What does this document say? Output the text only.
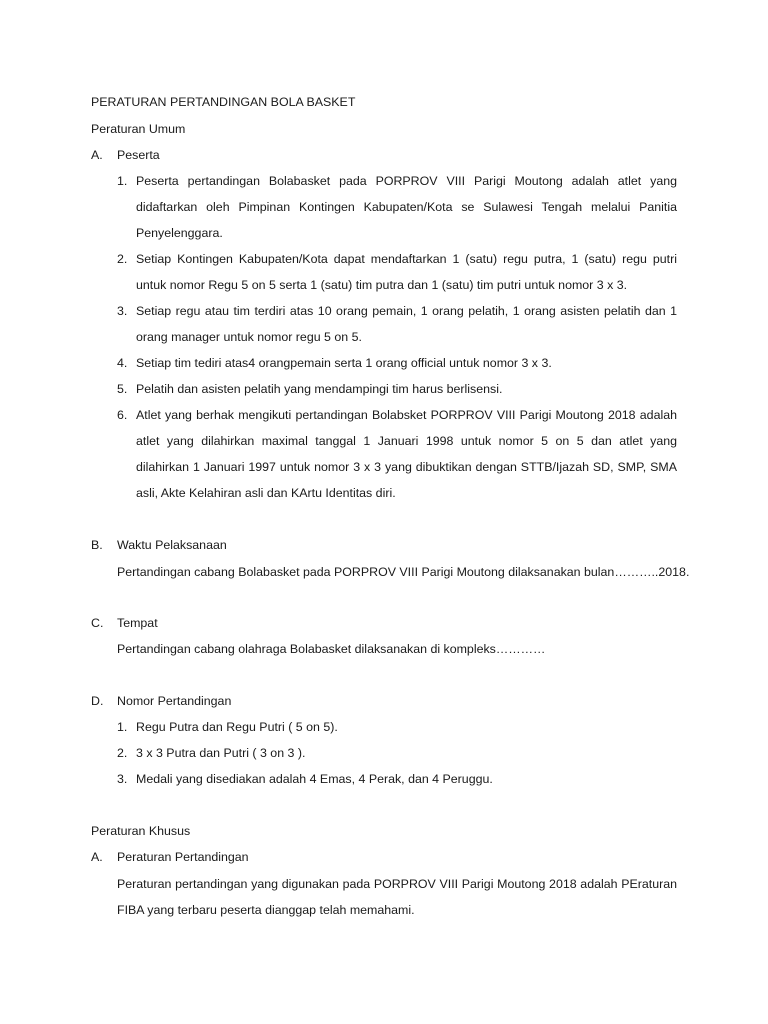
PERATURAN PERTANDINGAN BOLA BASKET
Peraturan Umum
A. Peserta
1. Peserta pertandingan Bolabasket pada PORPROV VIII Parigi Moutong adalah atlet yang
didaftarkan oleh Pimpinan Kontingen Kabupaten/Kota se Sulawesi Tengah melalui Panitia
Penyelenggara.
2. Setiap Kontingen Kabupaten/Kota dapat mendaftarkan 1 (satu) regu putra, 1 (satu) regu putri
untuk nomor Regu 5 on 5 serta 1 (satu) tim putra dan 1 (satu) tim putri untuk nomor 3 x 3.
3. Setiap regu atau tim terdiri atas 10 orang pemain, 1 orang pelatih, 1 orang asisten pelatih dan 1
orang manager untuk nomor regu 5 on 5.
4. Setiap tim tediri atas4 orangpemain serta 1 orang official untuk nomor 3 x 3.
5. Pelatih dan asisten pelatih yang mendampingi tim harus berlisensi.
6. Atlet yang berhak mengikuti pertandingan Bolabsket PORPROV VIII Parigi Moutong 2018 adalah
atlet yang dilahirkan maximal tanggal 1 Januari 1998 untuk nomor 5 on 5 dan atlet yang
dilahirkan 1 Januari 1997 untuk nomor 3 x 3 yang dibuktikan dengan STTB/Ijazah SD, SMP, SMA
asli, Akte Kelahiran asli dan KArtu Identitas diri.
B. Waktu Pelaksanaan
Pertandingan cabang Bolabasket pada PORPROV VIII Parigi Moutong dilaksanakan bulan………..2018.
C. Tempat
Pertandingan cabang olahraga Bolabasket dilaksanakan di kompleks…………
D. Nomor Pertandingan
1. Regu Putra dan Regu Putri ( 5 on 5).
2. 3 x 3 Putra dan Putri ( 3 on 3 ).
3. Medali yang disediakan adalah 4 Emas, 4 Perak, dan 4 Peruggu.
Peraturan Khusus
A. Peraturan Pertandingan
Peraturan pertandingan yang digunakan pada PORPROV VIII Parigi Moutong 2018 adalah PEraturan
FIBA yang terbaru peserta dianggap telah memahami.
